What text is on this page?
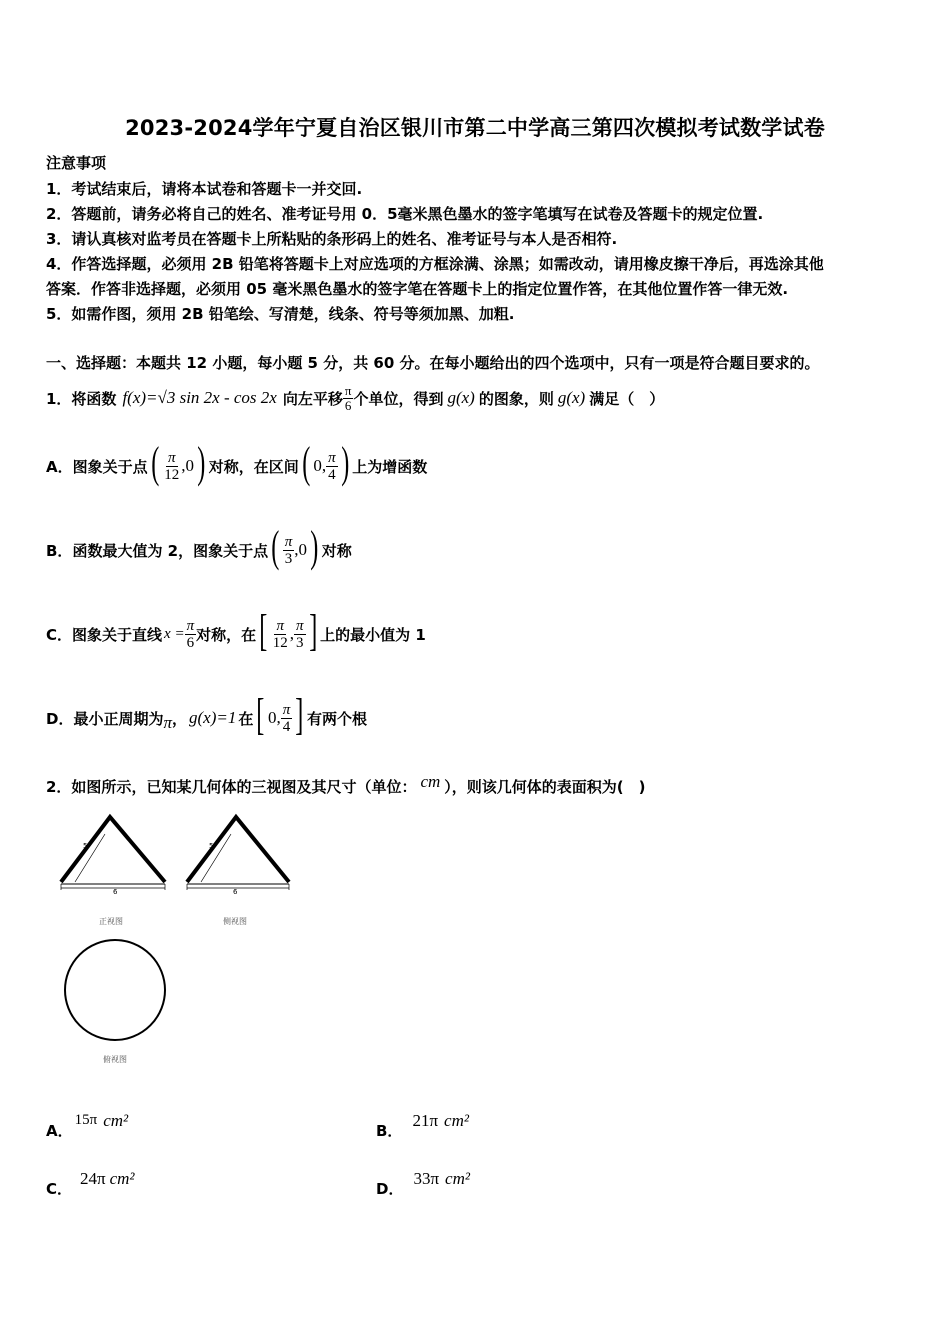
2023-2024学年宁夏自治区银川市第二中学高三第四次模拟考试数学试卷
注意事项
1．考试结束后，请将本试卷和答题卡一并交回.
2．答题前，请务必将自己的姓名、准考证号用 0．5毫米黑色墨水的签字笔填写在试卷及答题卡的规定位置.
3．请认真核对监考员在答题卡上所粘贴的条形码上的姓名、准考证号与本人是否相符.
4．作答选择题，必须用 2B 铅笔将答题卡上对应选项的方框涂满、涂黑；如需改动，请用橡皮擦干净后，再选涂其他
答案．作答非选择题，必须用 05 毫米黑色墨水的签字笔在答题卡上的指定位置作答，在其他位置作答一律无效.
5．如需作图，须用 2B 铅笔绘、写清楚，线条、符号等须加黑、加粗.
一、选择题：本题共 12 小题，每小题 5 分，共 60 分。在每小题给出的四个选项中，只有一项是符合题目要求的。
1．将函数 f(x)=√3 sin 2x - cos 2x 向左平移 $\frac{\pi}{6}$ 个单位，得到 g(x) 的图象，则 g(x) 满足（　）
A． 图象关于点 ( $\frac{\pi}{12} ,0$ ) 对称，在区间 ( 0, $\frac{\pi}{4}$ ) 上为增函数
B． 函数最大值为 2，图象关于点 ( $\frac{\pi}{3} ,0$ ) 对称
C． 图象关于直线 $x = \frac{\pi}{6}$ 对称，在 [ $\frac{\pi}{12}$ , $\frac{\pi}{3}$ ] 上的最小值为 1
D． 最小正周期为 π ， g(x)=1 在 [ 0, $\frac{\pi}{4}$ ] 有两个根
2．如图所示，已知某几何体的三视图及其尺寸（单位： cm ），则该几何体的表面积为(　)
5
6
正视图
5
6
侧视图
俯视图
A．
15π cm²
B．
21π cm²
C．
24π cm²
D．
33π cm²
